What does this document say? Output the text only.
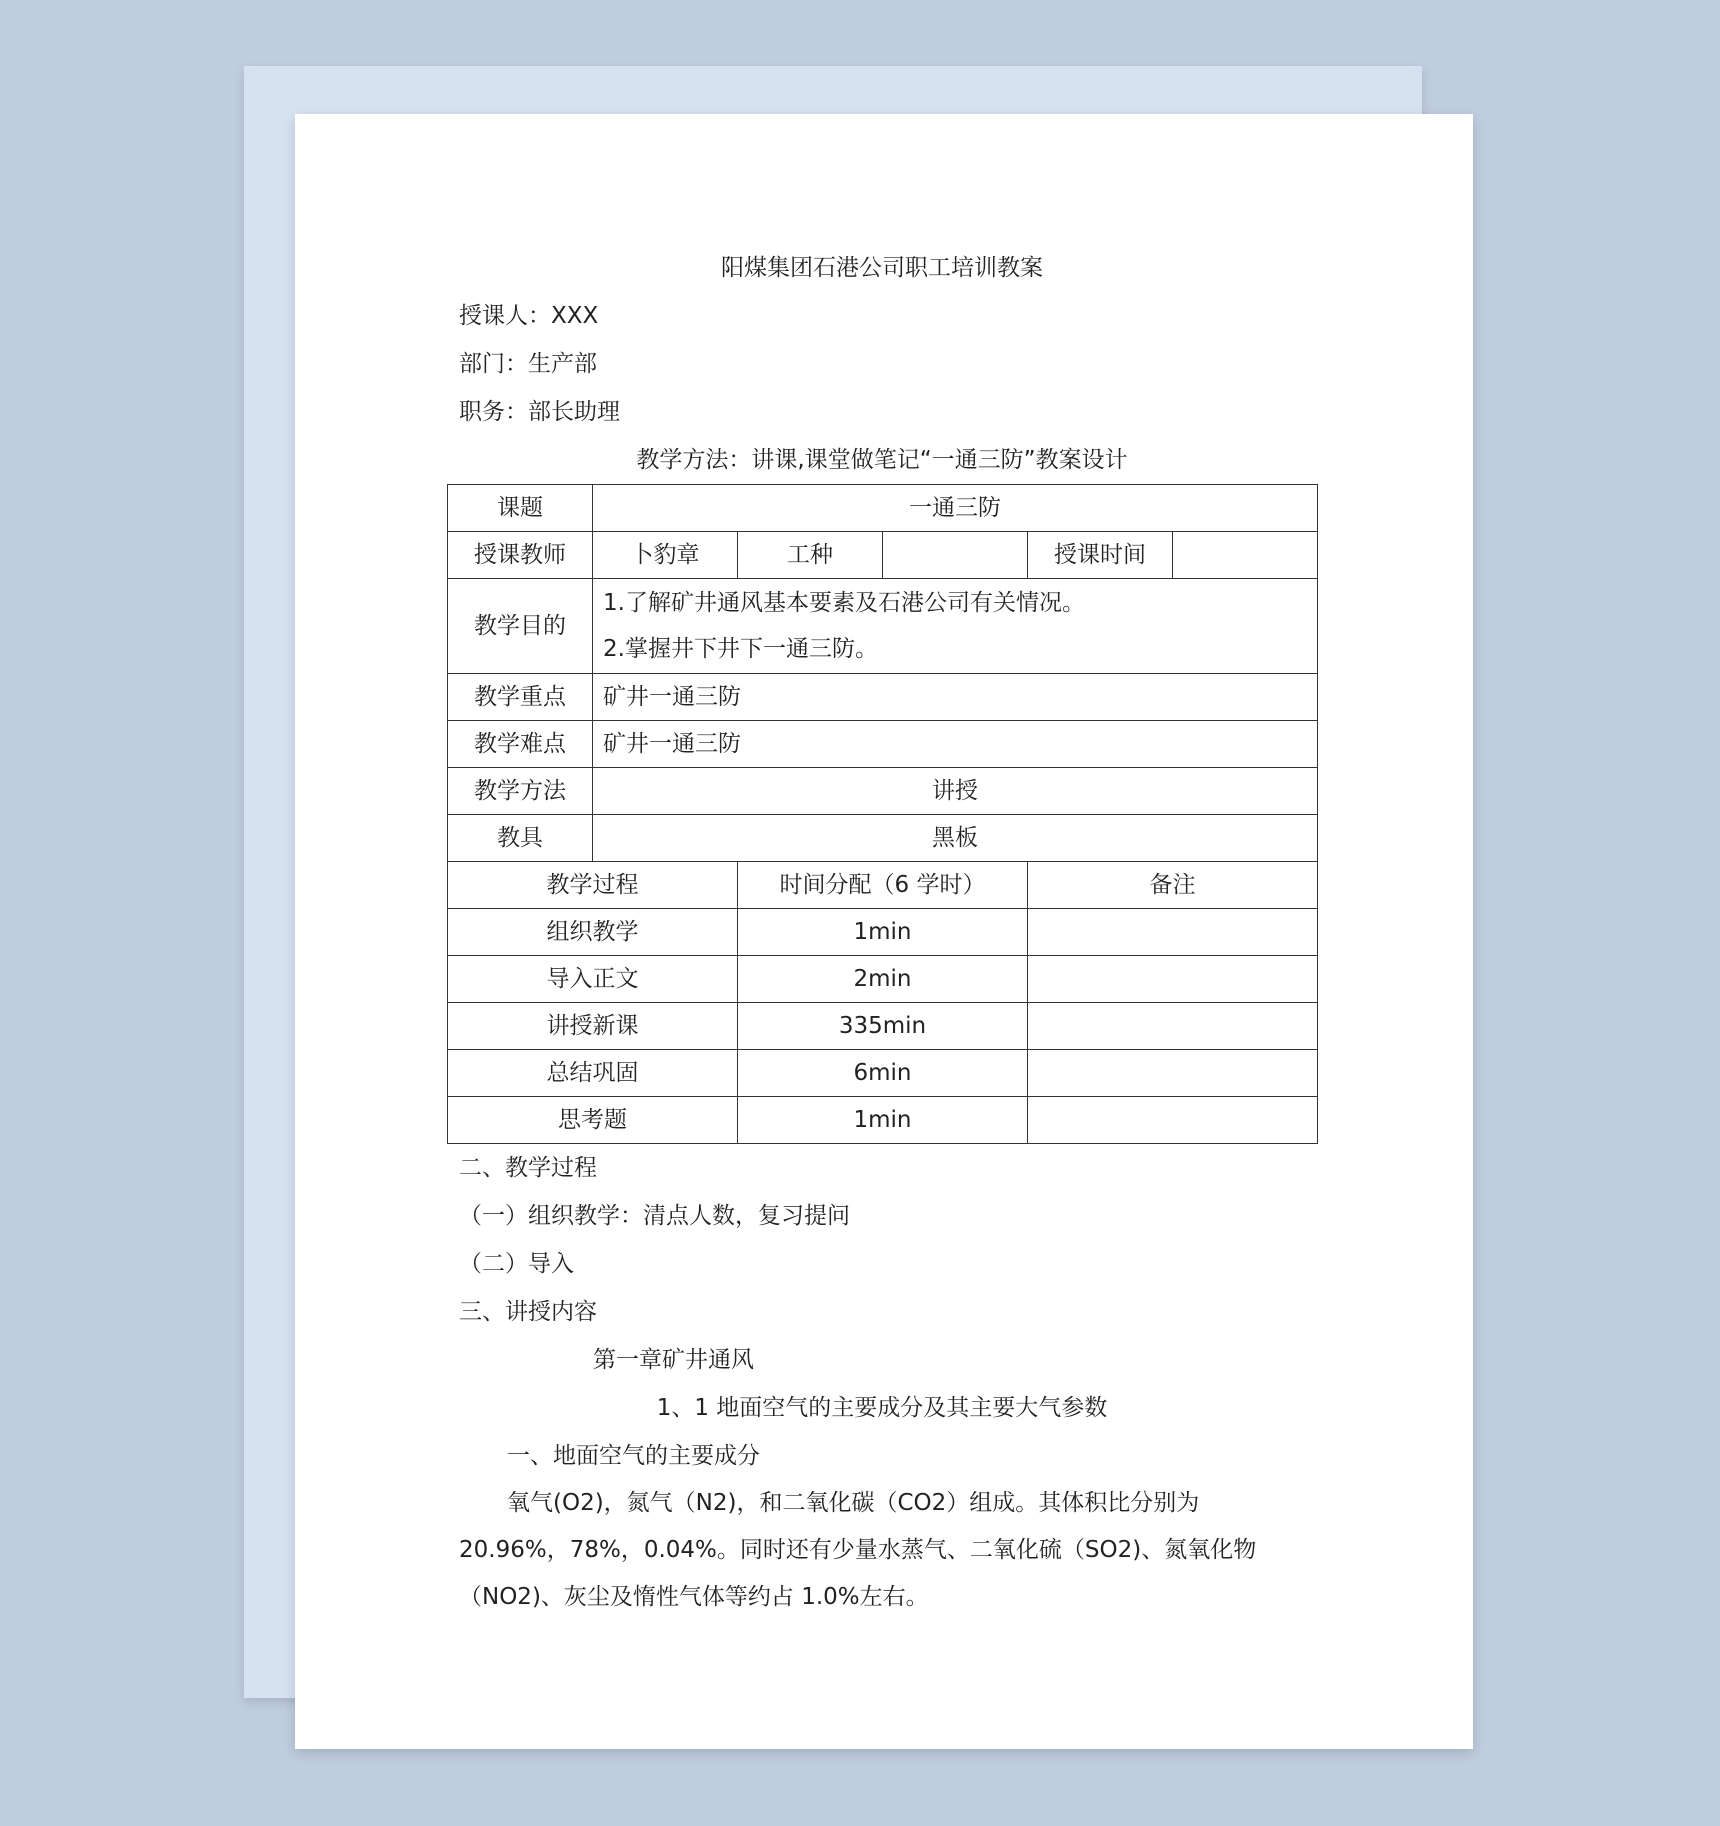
阳煤集团石港公司职工培训教案
授课人：XXX
部门：生产部
职务：部长助理
教学方法：讲课,课堂做笔记“一通三防”教案设计
课题	一通三防				
授课教师	卜豹章	工种		授课时间	
教学目的	1.了解矿井通风基本要素及石港公司有关情况。
2.掌握井下井下一通三防。				

教学重点	矿井一通三防				
教学难点	矿井一通三防				
教学方法	讲授				
教具	黑板				
教学过程		时间分配（6 学时）		备注	
组织教学		1min			
导入正文		2min			
讲授新课		335min			
总结巩固		6min			
思考题		1min			
二、教学过程
（一）组织教学：清点人数，复习提问
（二）导入
三、讲授内容
第一章矿井通风
1、1 地面空气的主要成分及其主要大气参数
一、地面空气的主要成分
氧气(O2)，氮气（N2)，和二氧化碳（CO2）组成。其体积比分别为 20.96%，78%，0.04%。同时还有少量水蒸气、二氧化硫（SO2)、氮氧化物（NO2)、灰尘及惰性气体等约占 1.0%左右。
